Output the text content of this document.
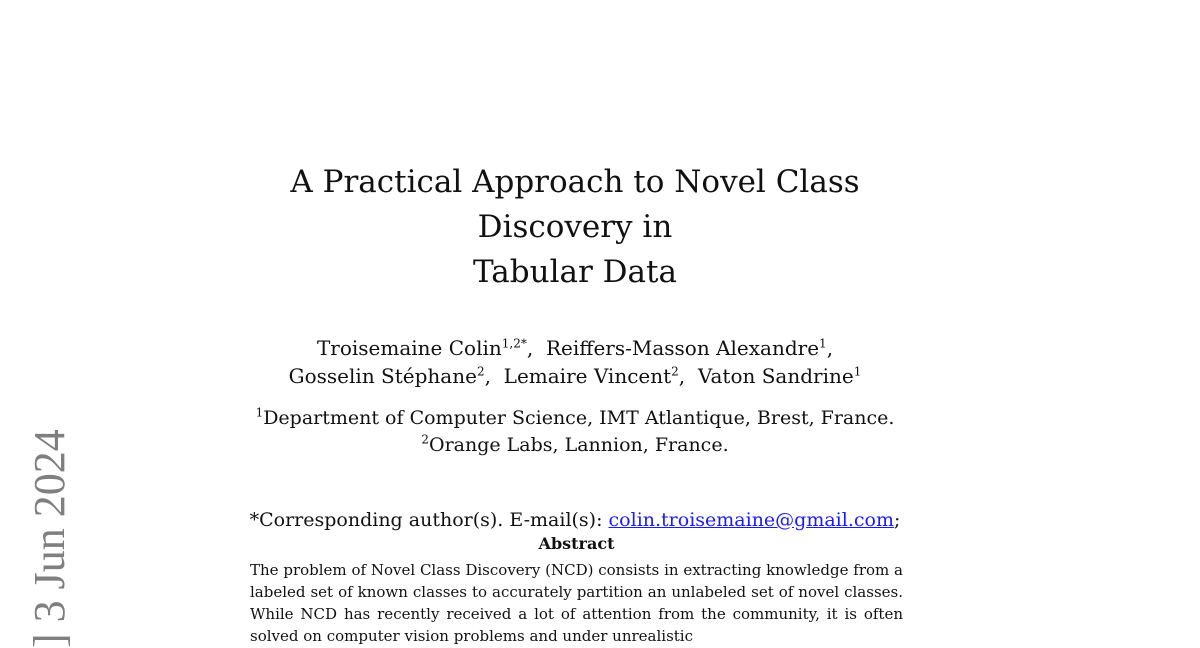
] 3 Jun 2024
A Practical Approach to Novel Class Discovery in
Tabular Data
Troisemaine Colin$^{1,2*}$, Reiffers-Masson Alexandre$^1$,
Gosselin Stéphane$^2$, Lemaire Vincent$^2$, Vaton Sandrine$^1$
$^1$Department of Computer Science, IMT Atlantique, Brest, France.
$^2$Orange Labs, Lannion, France.
*Corresponding author(s). E-mail(s): colin.troisemaine@gmail.com;
Abstract

The problem of Novel Class Discovery (NCD) consists in extracting knowledge from a labeled set of known classes to accurately partition an unlabeled set of novel classes. While NCD has recently received a lot of attention from the community, it is often solved on computer vision problems and under unrealistic
